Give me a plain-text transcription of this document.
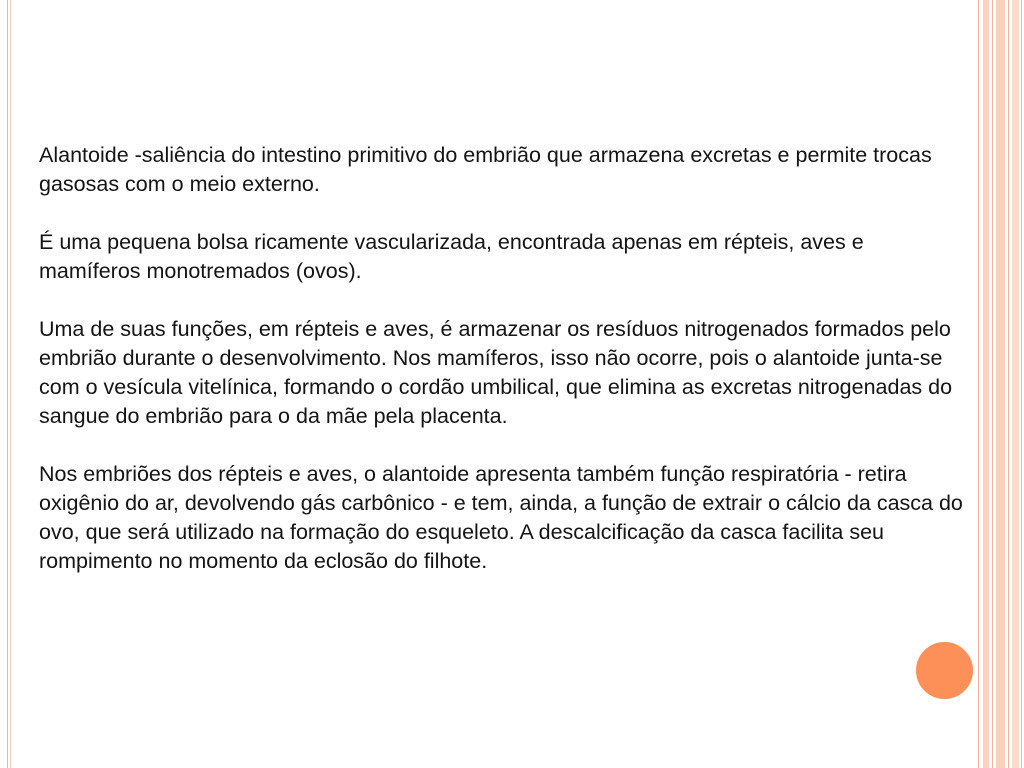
Alantoide -saliência do intestino primitivo do embrião que armazena excretas e permite trocas gasosas com o meio externo.

É uma pequena bolsa ricamente vascularizada, encontrada apenas em répteis, aves e mamíferos monotremados (ovos).

Uma de suas funções, em répteis e aves, é armazenar os resíduos nitrogenados formados pelo embrião durante o desenvolvimento. Nos mamíferos, isso não ocorre, pois o alantoide junta-se com o vesícula vitelínica, formando o cordão umbilical, que elimina as excretas nitrogenadas do sangue do embrião para o da mãe pela placenta.

Nos embriões dos répteis e aves, o alantoide apresenta também função respiratória - retira oxigênio do ar, devolvendo gás carbônico - e tem, ainda, a função de extrair o cálcio da casca do ovo, que será utilizado na formação do esqueleto. A descalcificação da casca facilita seu rompimento no momento da eclosão do filhote.
